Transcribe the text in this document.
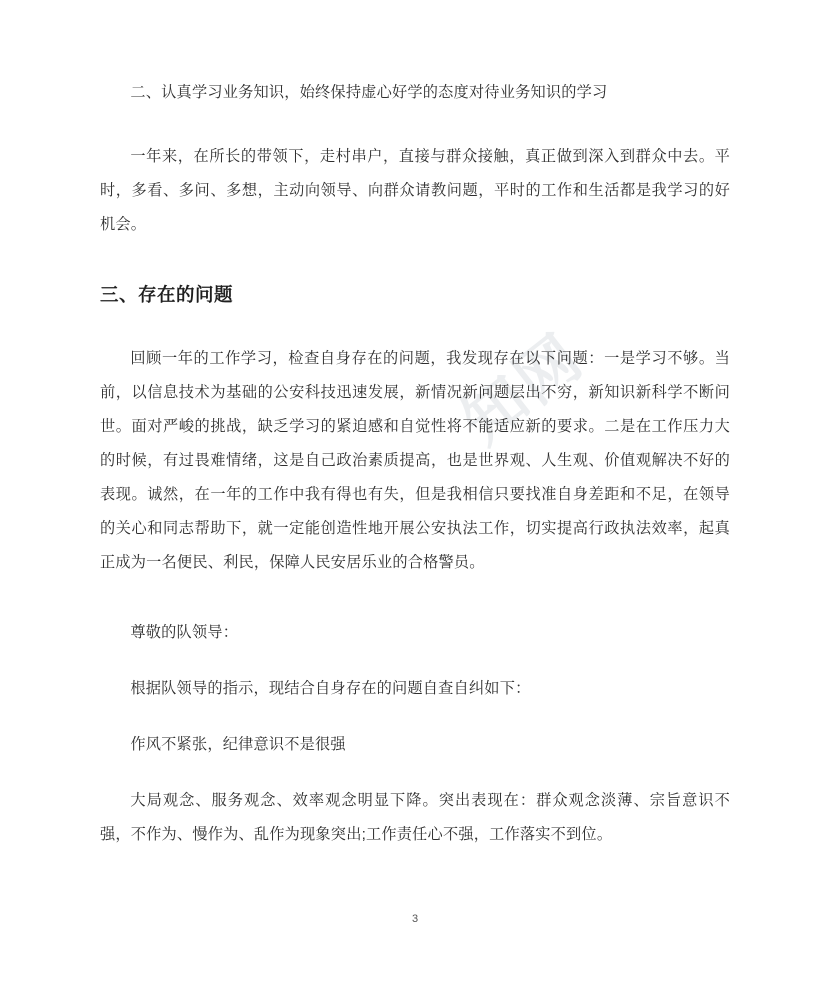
知网

二、认真学习业务知识，始终保持虚心好学的态度对待业务知识的学习

一年来，在所长的带领下，走村串户，直接与群众接触，真正做到深入到群众中去。平时，多看、多问、多想，主动向领导、向群众请教问题，平时的工作和生活都是我学习的好机会。

三、存在的问题

回顾一年的工作学习，检查自身存在的问题，我发现存在以下问题：一是学习不够。当前，以信息技术为基础的公安科技迅速发展，新情况新问题层出不穷，新知识新科学不断问世。面对严峻的挑战，缺乏学习的紧迫感和自觉性将不能适应新的要求。二是在工作压力大的时候，有过畏难情绪，这是自己政治素质提高，也是世界观、人生观、价值观解决不好的表现。诚然，在一年的工作中我有得也有失，但是我相信只要找准自身差距和不足，在领导的关心和同志帮助下，就一定能创造性地开展公安执法工作，切实提高行政执法效率，起真正成为一名便民、利民，保障人民安居乐业的合格警员。

尊敬的队领导：

根据队领导的指示，现结合自身存在的问题自查自纠如下：

作风不紧张，纪律意识不是很强

大局观念、服务观念、效率观念明显下降。突出表现在：群众观念淡薄、宗旨意识不强，不作为、慢作为、乱作为现象突出;工作责任心不强，工作落实不到位。

3
